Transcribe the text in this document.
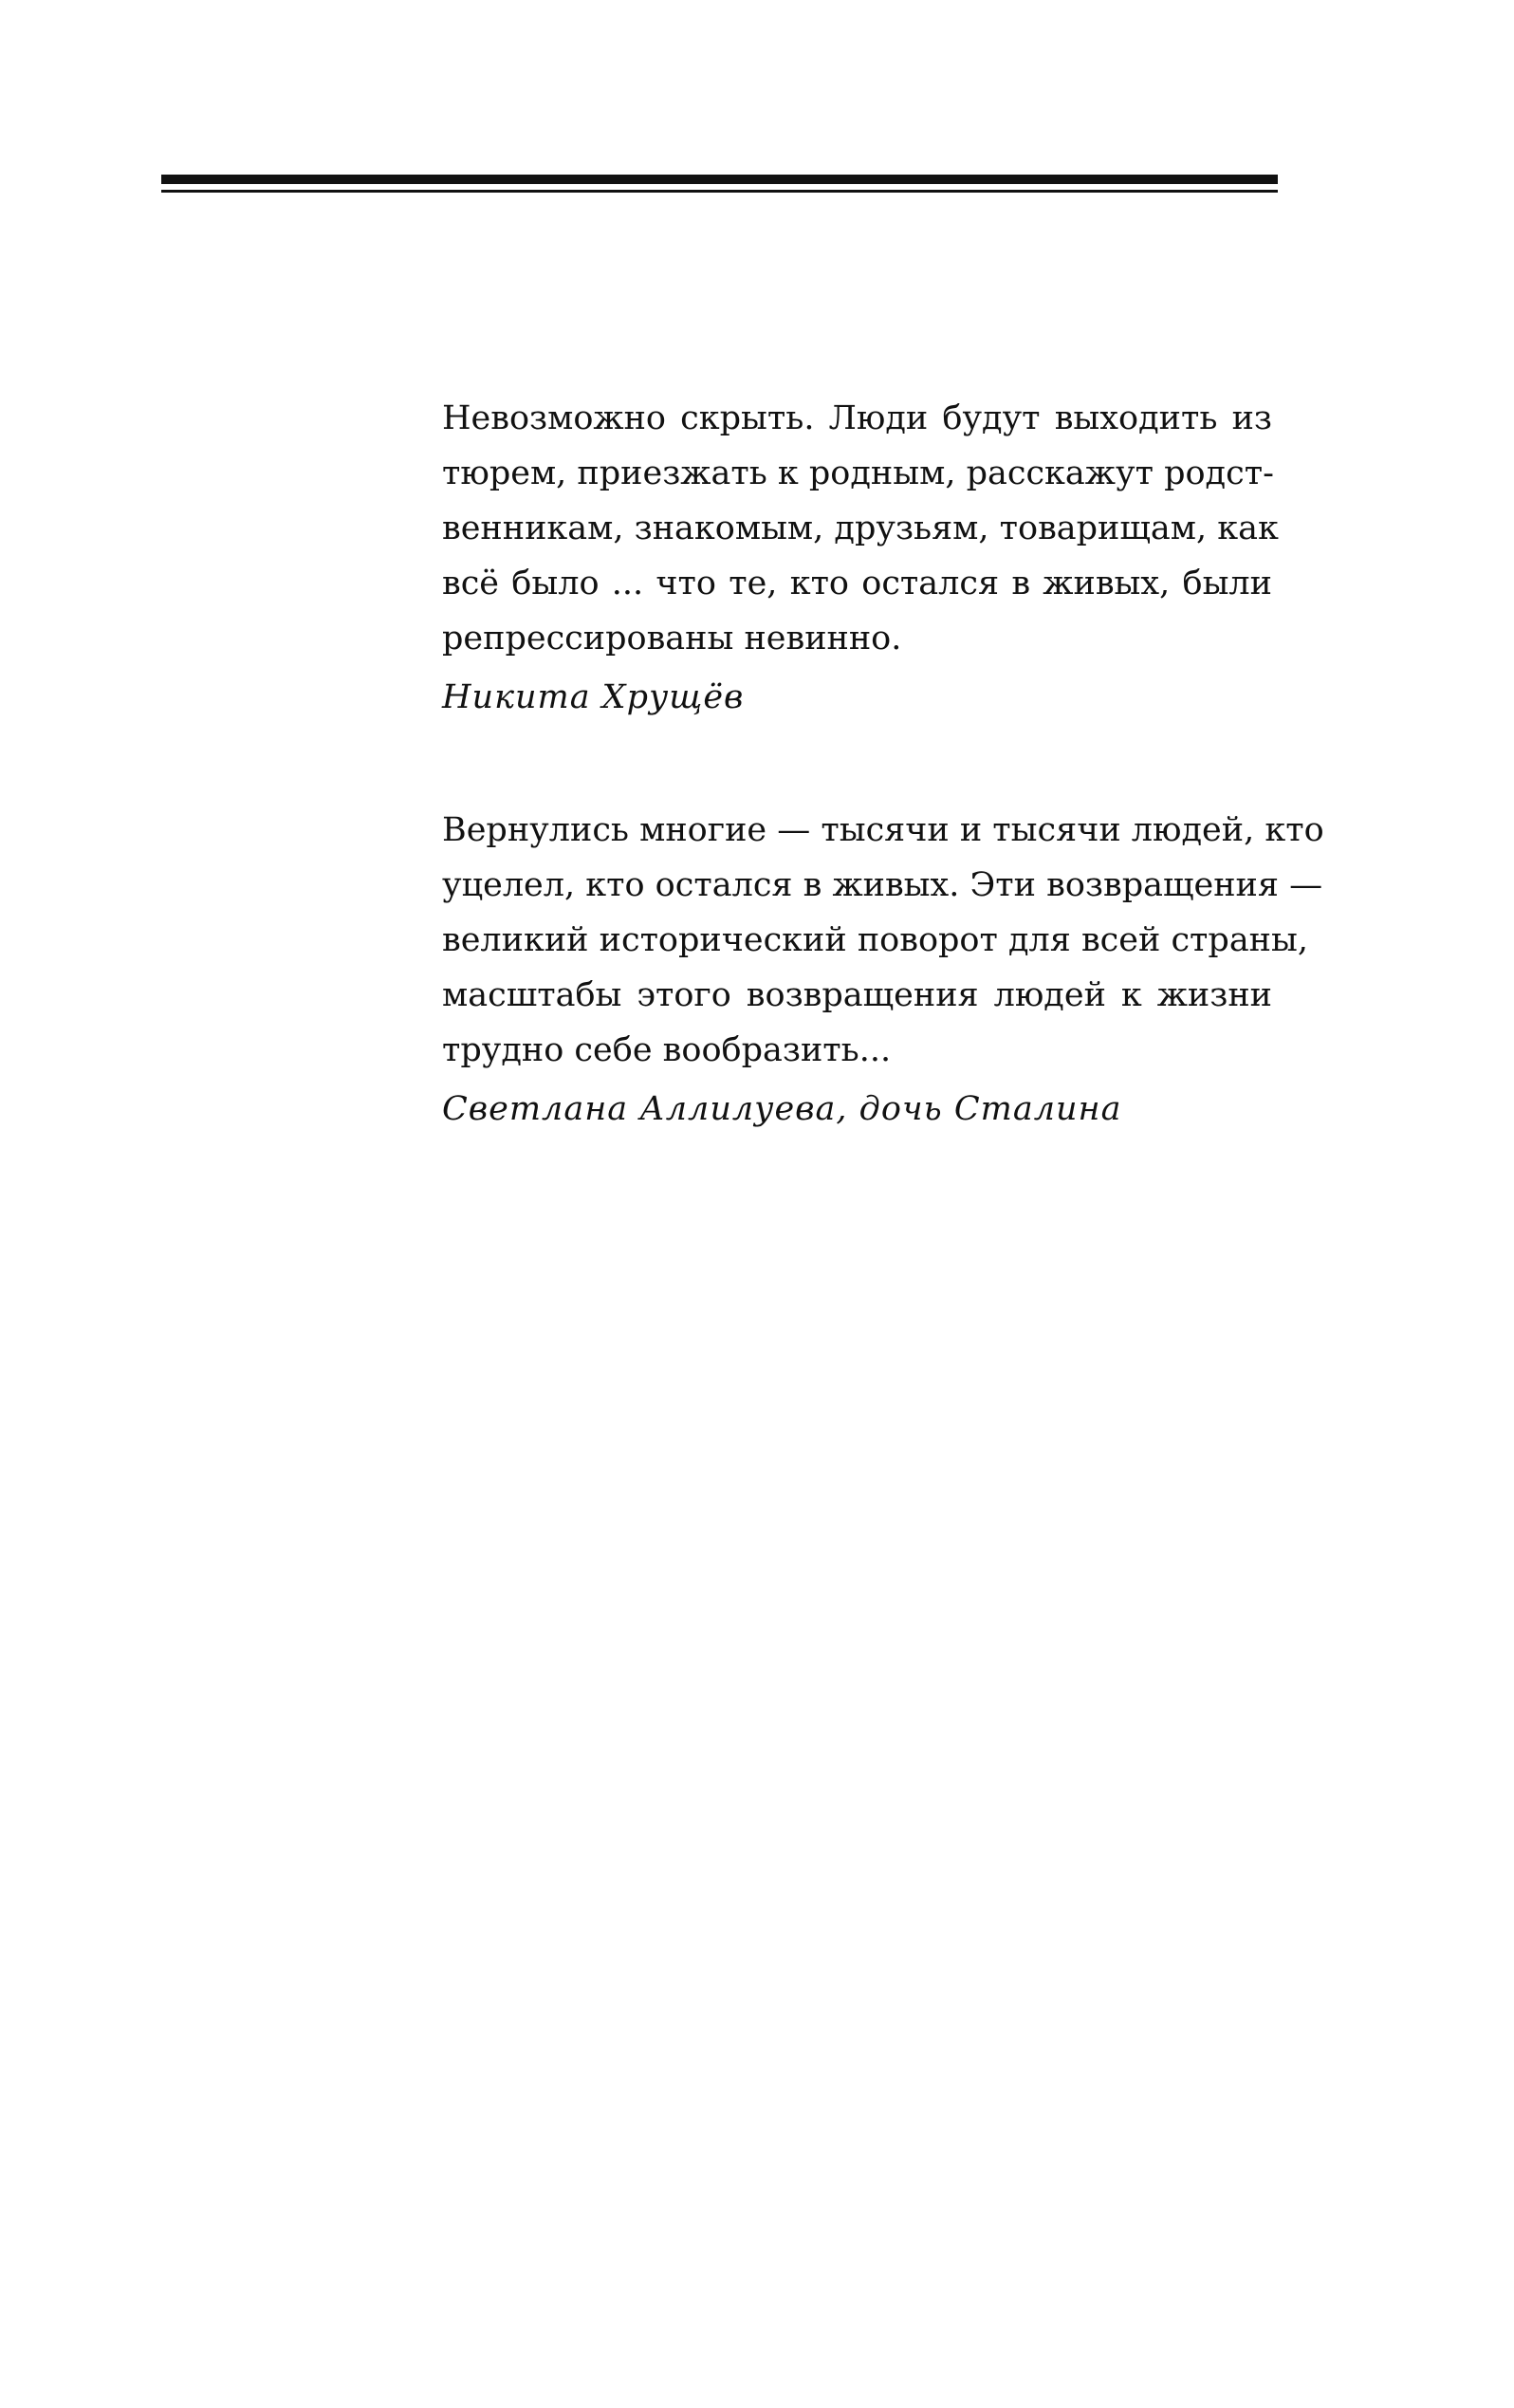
Невозможно скрыть. Люди будут выходить из
тюрем, приезжать к родным, расскажут родст-
венникам, знакомым, друзьям, товарищам, как
всё было ... что те, кто остался в живых, были
репрессированы невинно.
Никита Хрущёв
Вернулись многие — тысячи и тысячи людей, кто
уцелел, кто остался в живых. Эти возвращения —
великий исторический поворот для всей страны,
масштабы этого возвращения людей к жизни
трудно себе вообразить...
Светлана Аллилуева, дочь Сталина
